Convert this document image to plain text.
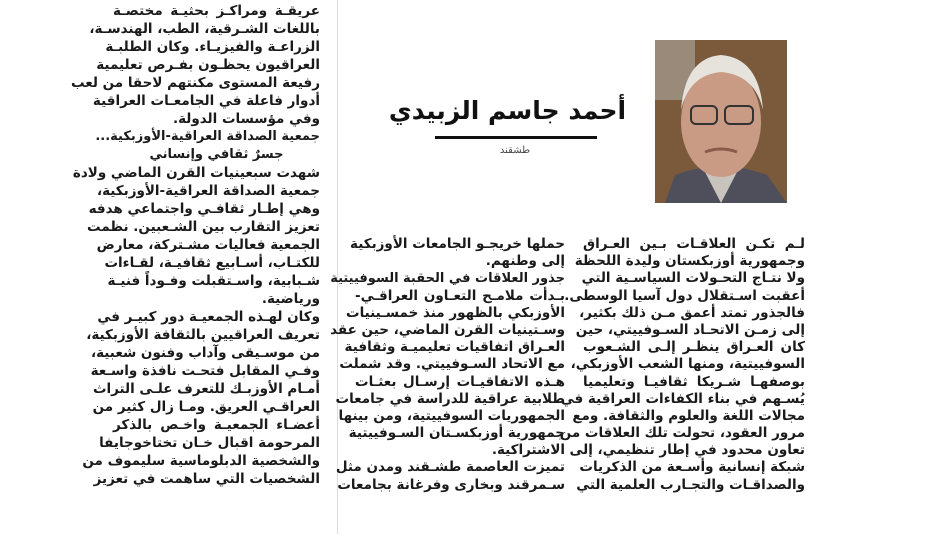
أحمد جاسم الزبيدي
طشقند
لـم تكـن العلاقـات بـين العـراق
وجمهورية أوزبكستان وليدة اللحظة
ولا نتـاج التحـولات السياسـية التي
أعقبت اسـتقلال دول آسيا الوسطى.
فالجذور تمتد أعمق مـن ذلك بكثير،
إلى زمـن الاتحـاد السـوفييتي، حين
كان العـراق ينظـر إلـى الشـعوب
السوفييتية، ومنها الشعب الأوزبكي،
بوصفهـا شـريكا ثقافيـا وتعليميا
يُسـهم في بناء الكفاءات العراقية في
مجالات اللغة والعلوم والثقافة. ومع
مرور العقود، تحولت تلك العلاقات من
تعاون محدود في إطار تنظيمي، إلى
شبكة إنسانية وأسـعة من الذكريات
والصداقـات والتجـارب العلمية التي
حملها خريجـو الجامعات الأوزبكية
إلى وطنهم.
جذور العلاقات في الحقبة السوفييتية
بـدأت ملامـح التعـاون العراقـي-
الأوزبكي بالظهور منذ خمسـينيات
وسـتينيات القرن الماضي، حين عقد
العـراق اتفاقيات تعليميـة وثقافية
مع الاتحاد السـوفييتي. وقد شملت
هـذه الاتفاقيـات إرسـال بعثـات
طلابية عراقية للدراسة في جامعات
الجمهوريات السوفييتية، ومن بينها
جمهورية أوزبكسـتان السـوفييتية
الاشتراكية.
تميزت العاصمة طشـقند ومدن مثل
سـمرقند وبخارى وفرغانة بجامعات
عريقـة ومراكـز بحثيـة مختصـة
باللغات الشـرقية، الطب، الهندسـة،
الزراعـة والفيزيـاء. وكان الطلبـة
العراقيون يحظـون بفـرص تعليمية
رفيعة المستوى مكنتهم لاحقا من لعب
أدوار فاعلة في الجامعـات العراقية
وفي مؤسسات الدولة.
جمعية الصداقة العراقية-الأوزبكية...
جسرٌ ثقافي وإنساني
شهدت سبعينيات القرن الماضي ولادة
جمعية الصداقة العراقية-الأوزبكية،
وهي إطـار ثقافـي واجتماعي هدفه
تعزيز التقارب بين الشـعبين. نظمت
الجمعية فعاليات مشـتركة، معارض
للكتـاب، أسـابيع ثقافيـة، لقـاءات
شـبابية، واسـتقبلت وفـوداً فنيـة
ورياضية.
وكان لهـذه الجمعيـة دور كبيـر في
تعريف العراقيين بالثقافة الأوزبكية،
من موسـيقى وآداب وفنون شعبية،
وفـي المقابل فتحـت نافذة واسـعة
أمـام الأوزبـك للتعرف علـى التراث
العراقـي العريق. ومـا زال كثير من
أعضـاء الجمعيـة واخـص بالذكر
المرحومة اقبال خـان تختاخوجايفا
والشخصية الدبلوماسية سليموف من
الشخصيات التي ساهمت في تعزيز
